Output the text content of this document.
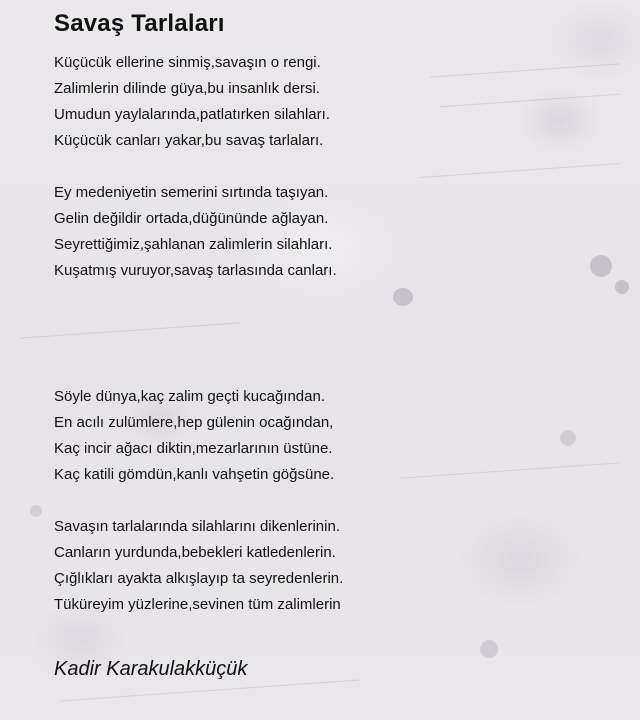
Savaş Tarlaları
Küçücük ellerine sinmiş,savaşın o rengi.
Zalimlerin dilinde güya,bu insanlık dersi.
Umudun yaylalarında,patlatırken silahları.
Küçücük canları yakar,bu savaş tarlaları.
Ey medeniyetin semerini sırtında taşıyan.
Gelin değildir ortada,düğününde ağlayan.
Seyrettiğimiz,şahlanan zalimlerin silahları.
Kuşatmış vuruyor,savaş tarlasında canları.
Söyle dünya,kaç zalim geçti kucağından.
En acılı zulümlere,hep gülenin ocağından,
Kaç incir ağacı diktin,mezarlarının üstüne.
Kaç katili gömdün,kanlı vahşetin göğsüne.
Savaşın tarlalarında silahlarını dikenlerinin.
Canların yurdunda,bebekleri katledenlerin.
Çığlıkları ayakta alkışlayıp ta seyredenlerin.
Tüküreyim yüzlerine,sevinen tüm zalimlerin
Kadir Karakulakküçük
